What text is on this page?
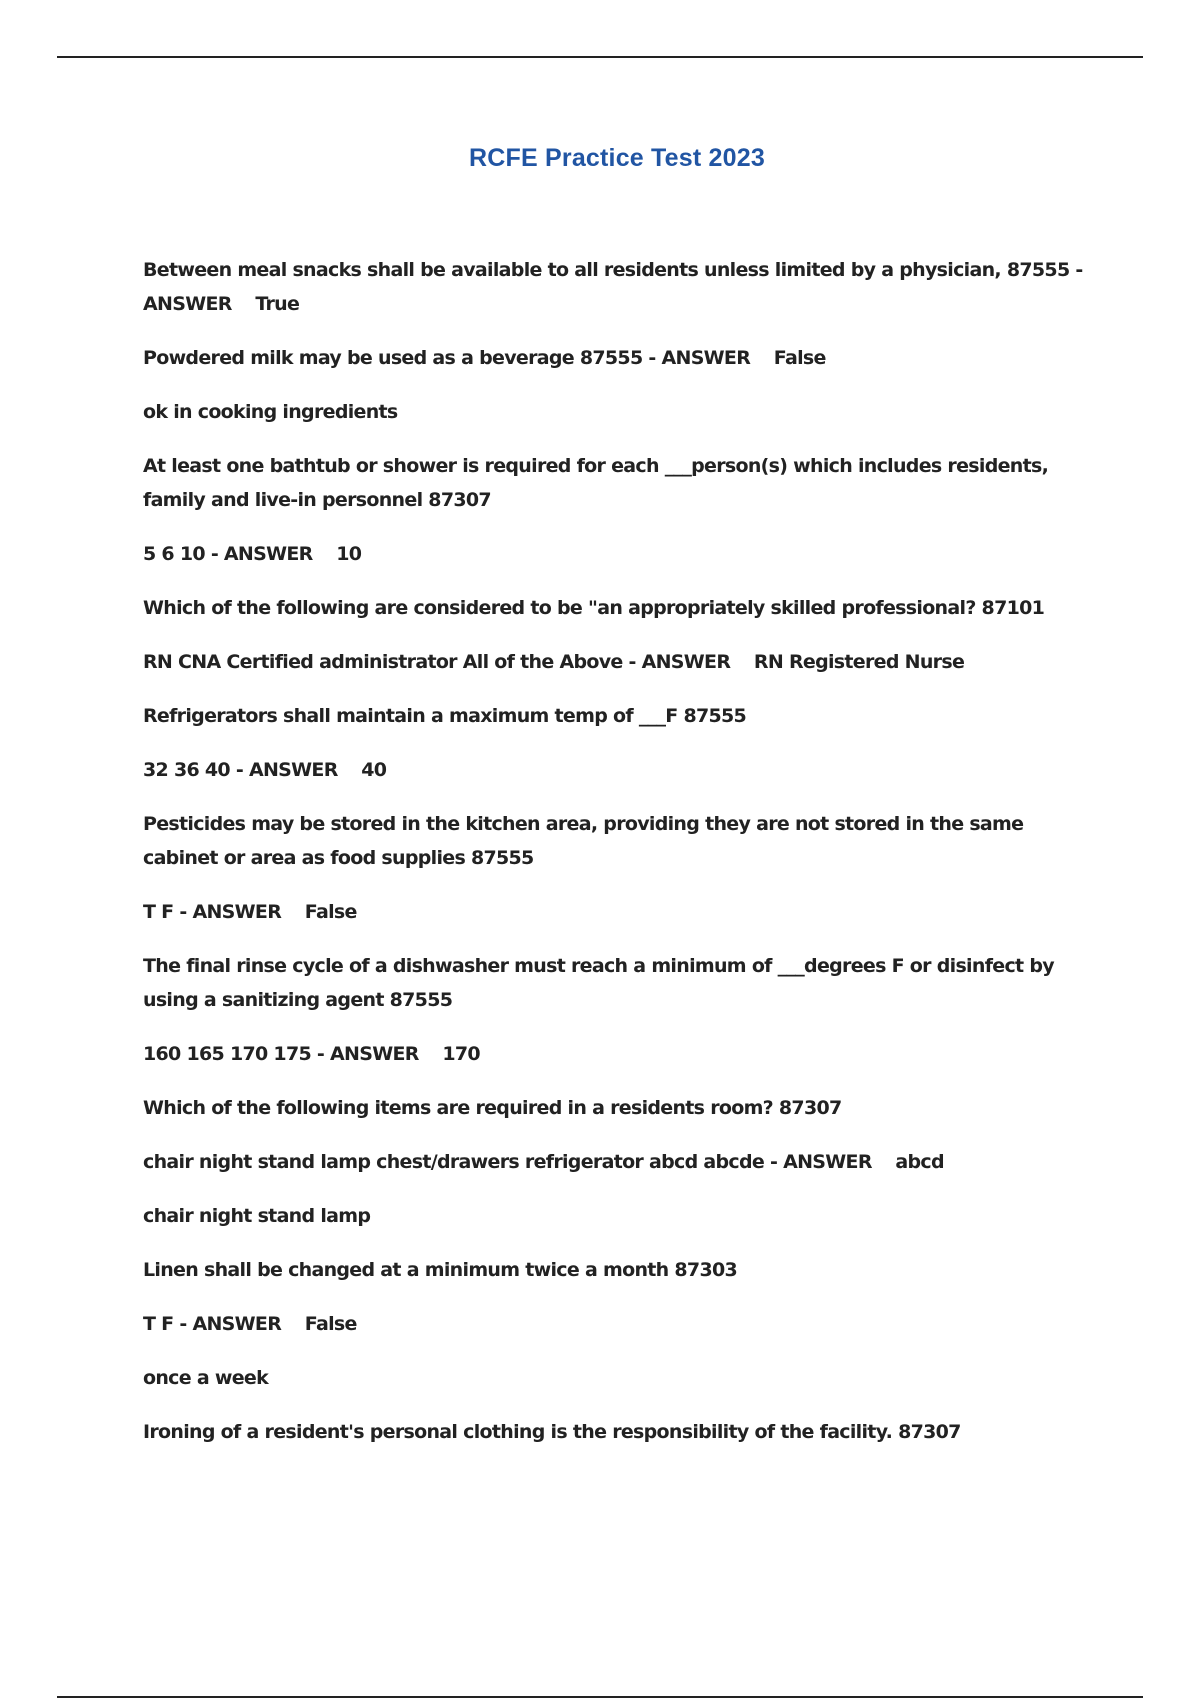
RCFE Practice Test 2023

Between meal snacks shall be available to all residents unless limited by a physician, 87555 - ANSWER    True

Powdered milk may be used as a beverage 87555 - ANSWER    False

ok in cooking ingredients

At least one bathtub or shower is required for each ___person(s) which includes residents, family and live-in personnel 87307

5 6 10 - ANSWER    10

Which of the following are considered to be "an appropriately skilled professional? 87101

RN CNA Certified administrator All of the Above - ANSWER    RN Registered Nurse

Refrigerators shall maintain a maximum temp of ___F 87555

32 36 40 - ANSWER    40

Pesticides may be stored in the kitchen area, providing they are not stored in the same cabinet or area as food supplies 87555

T F - ANSWER    False

The final rinse cycle of a dishwasher must reach a minimum of ___degrees F or disinfect by using a sanitizing agent 87555

160 165 170 175 - ANSWER    170

Which of the following items are required in a residents room? 87307

chair night stand lamp chest/drawers refrigerator abcd abcde - ANSWER    abcd

chair night stand lamp

Linen shall be changed at a minimum twice a month 87303

T F - ANSWER    False

once a week

Ironing of a resident's personal clothing is the responsibility of the facility. 87307
